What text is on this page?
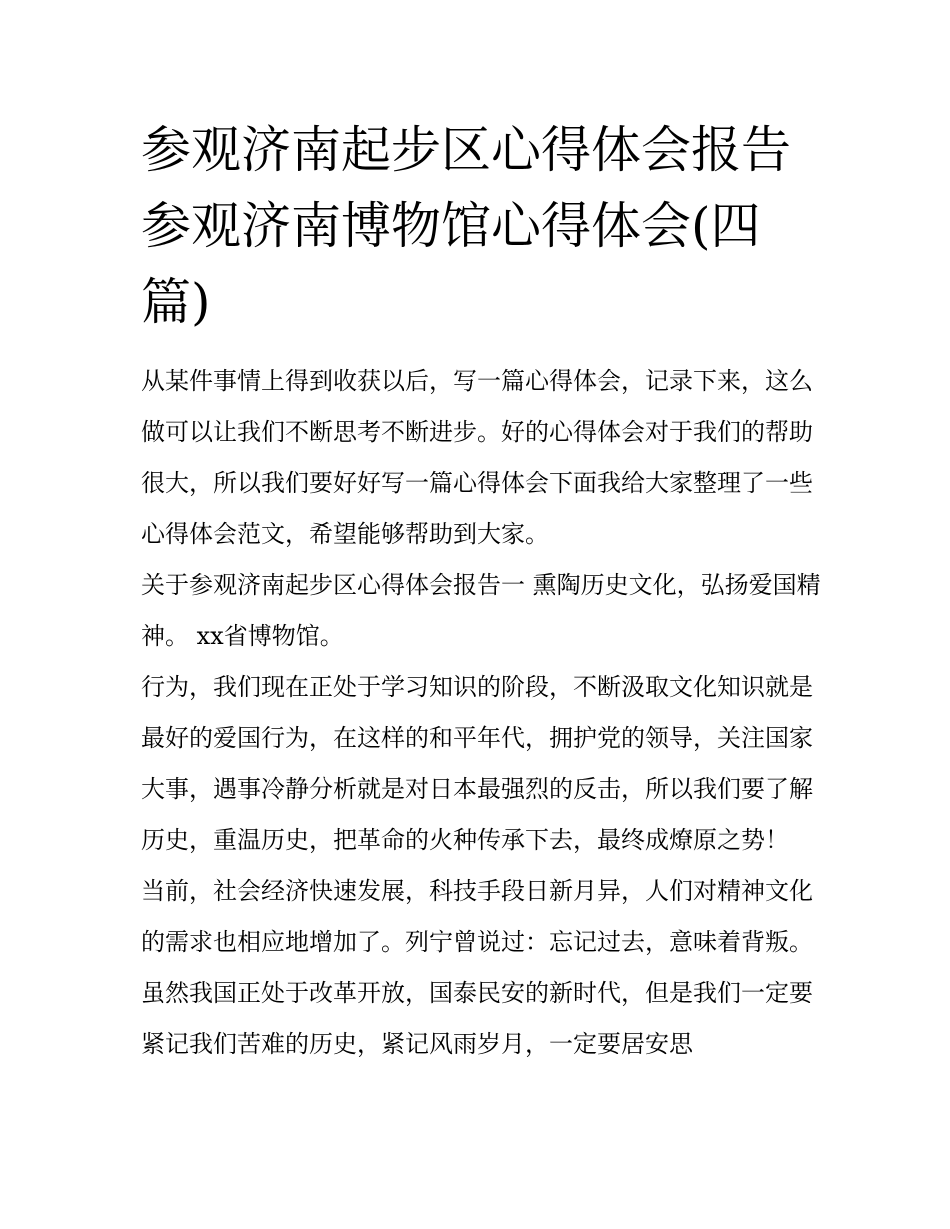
参观济南起步区心得体会报告参观济南博物馆心得体会(四篇)

从某件事情上得到收获以后，写一篇心得体会，记录下来，这么做可以让我们不断思考不断进步。好的心得体会对于我们的帮助很大，所以我们要好好写一篇心得体会下面我给大家整理了一些心得体会范文，希望能够帮助到大家。

关于参观济南起步区心得体会报告一 熏陶历史文化，弘扬爱国精神。 xx省博物馆。

行为，我们现在正处于学习知识的阶段，不断汲取文化知识就是最好的爱国行为，在这样的和平年代，拥护党的领导，关注国家大事，遇事冷静分析就是对日本最强烈的反击，所以我们要了解历史，重温历史，把革命的火种传承下去，最终成燎原之势！

当前，社会经济快速发展，科技手段日新月异，人们对精神文化的需求也相应地增加了。列宁曾说过：忘记过去，意味着背叛。虽然我国正处于改革开放，国泰民安的新时代，但是我们一定要紧记我们苦难的历史，紧记风雨岁月，一定要居安思
